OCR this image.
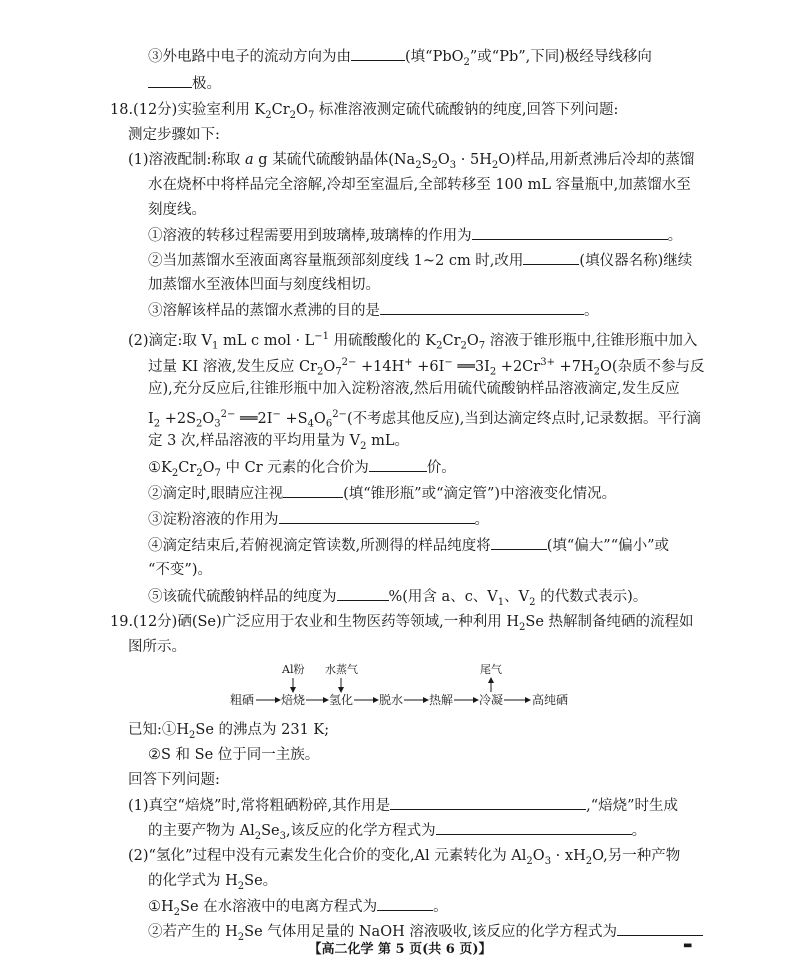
③外电路中电子的流动方向为由	(填“PbO$_2$”或“Pb”,下同)极经导线移向
极。
18.(12分)实验室利用 $K_2Cr_2O_7$ 标准溶液测定硫代硫酸钠的纯度,回答下列问题:
测定步骤如下:
(1)溶液配制:称取 a g 某硫代硫酸钠晶体$(Na_2S_2O_3 \cdot 5H_2O)$样品,用新煮沸后冷却的蒸馏
水在烧杯中将样品完全溶解,冷却至室温后,全部转移至 100 mL 容量瓶中,加蒸馏水至
刻度线。
①溶液的转移过程需要用到玻璃棒,玻璃棒的作用为	。
②当加蒸馏水至液面离容量瓶颈部刻度线 1~2 cm 时,改用	(填仪器名称)继续
加蒸馏水至液体凹面与刻度线相切。
③溶解该样品的蒸馏水煮沸的目的是	。
(2)滴定:取 $V_1$ mL c mol · $L^{-1}$ 用硫酸酸化的 $K_2Cr_2O_7$ 溶液于锥形瓶中,往锥形瓶中加入
过量 KI 溶液,发生反应 $Cr_2O_7^{2-} +14H^+ +6I^-$ $══3I_2 +2Cr^{3+} +7H_2O$(杂质不参与反
应),充分反应后,往锥形瓶中加入淀粉溶液,然后用硫代硫酸钠样品溶液滴定,发生反应
$I_2 +2S_2O_3^{2-}$ ══2I− $+S_4O_6^{2-}$(不考虑其他反应),当到达滴定终点时,记录数据。平行滴
定 3 次,样品溶液的平均用量为 $V_2$ mL。
$①K_2Cr_2O_7$ 中 Cr 元素的化合价为	价。
②滴定时,眼睛应注视	(填“锥形瓶”或“滴定管”)中溶液变化情况。
③淀粉溶液的作用为	。
④滴定结束后,若俯视滴定管读数,所测得的样品纯度将	(填“偏大”“偏小”或
“不变”)。
⑤该硫代硫酸钠样品的纯度为	%(用含 a、c、$V_1$、$V_2$ 的代数式表示)。
19.(12分)硒(Se)广泛应用于农业和生物医药等领域,一种利用 $H_2Se$ 热解制备纯硒的流程如
图所示。
Al粉 水蒸气	尾气
粗硒 焙烧 氢化 脱水 热解 冷凝 高纯硒
已知$:①H_2Se$ 的沸点为 231 K;
②S 和 Se 位于同一主族。
回答下列问题:
(1)真空“焙烧”时,常将粗硒粉碎,其作用是	,“焙烧”时生成
的主要产物为 $Al_2Se_3$,该反应的化学方程式为	。
(2)“氢化”过程中没有元素发生化合价的变化,Al 元素转化为 $Al_2O_3 \cdot xH_2O$,另一种产物
的化学式为 $H_2Se$。
$①H_2Se$ 在水溶液中的电离方程式为	。
②若产生的 $H_2Se$ 气体用足量的 NaOH 溶液吸收,该反应的化学方程式为
【高二化学 第 5 页(共 6 页)】	▬
